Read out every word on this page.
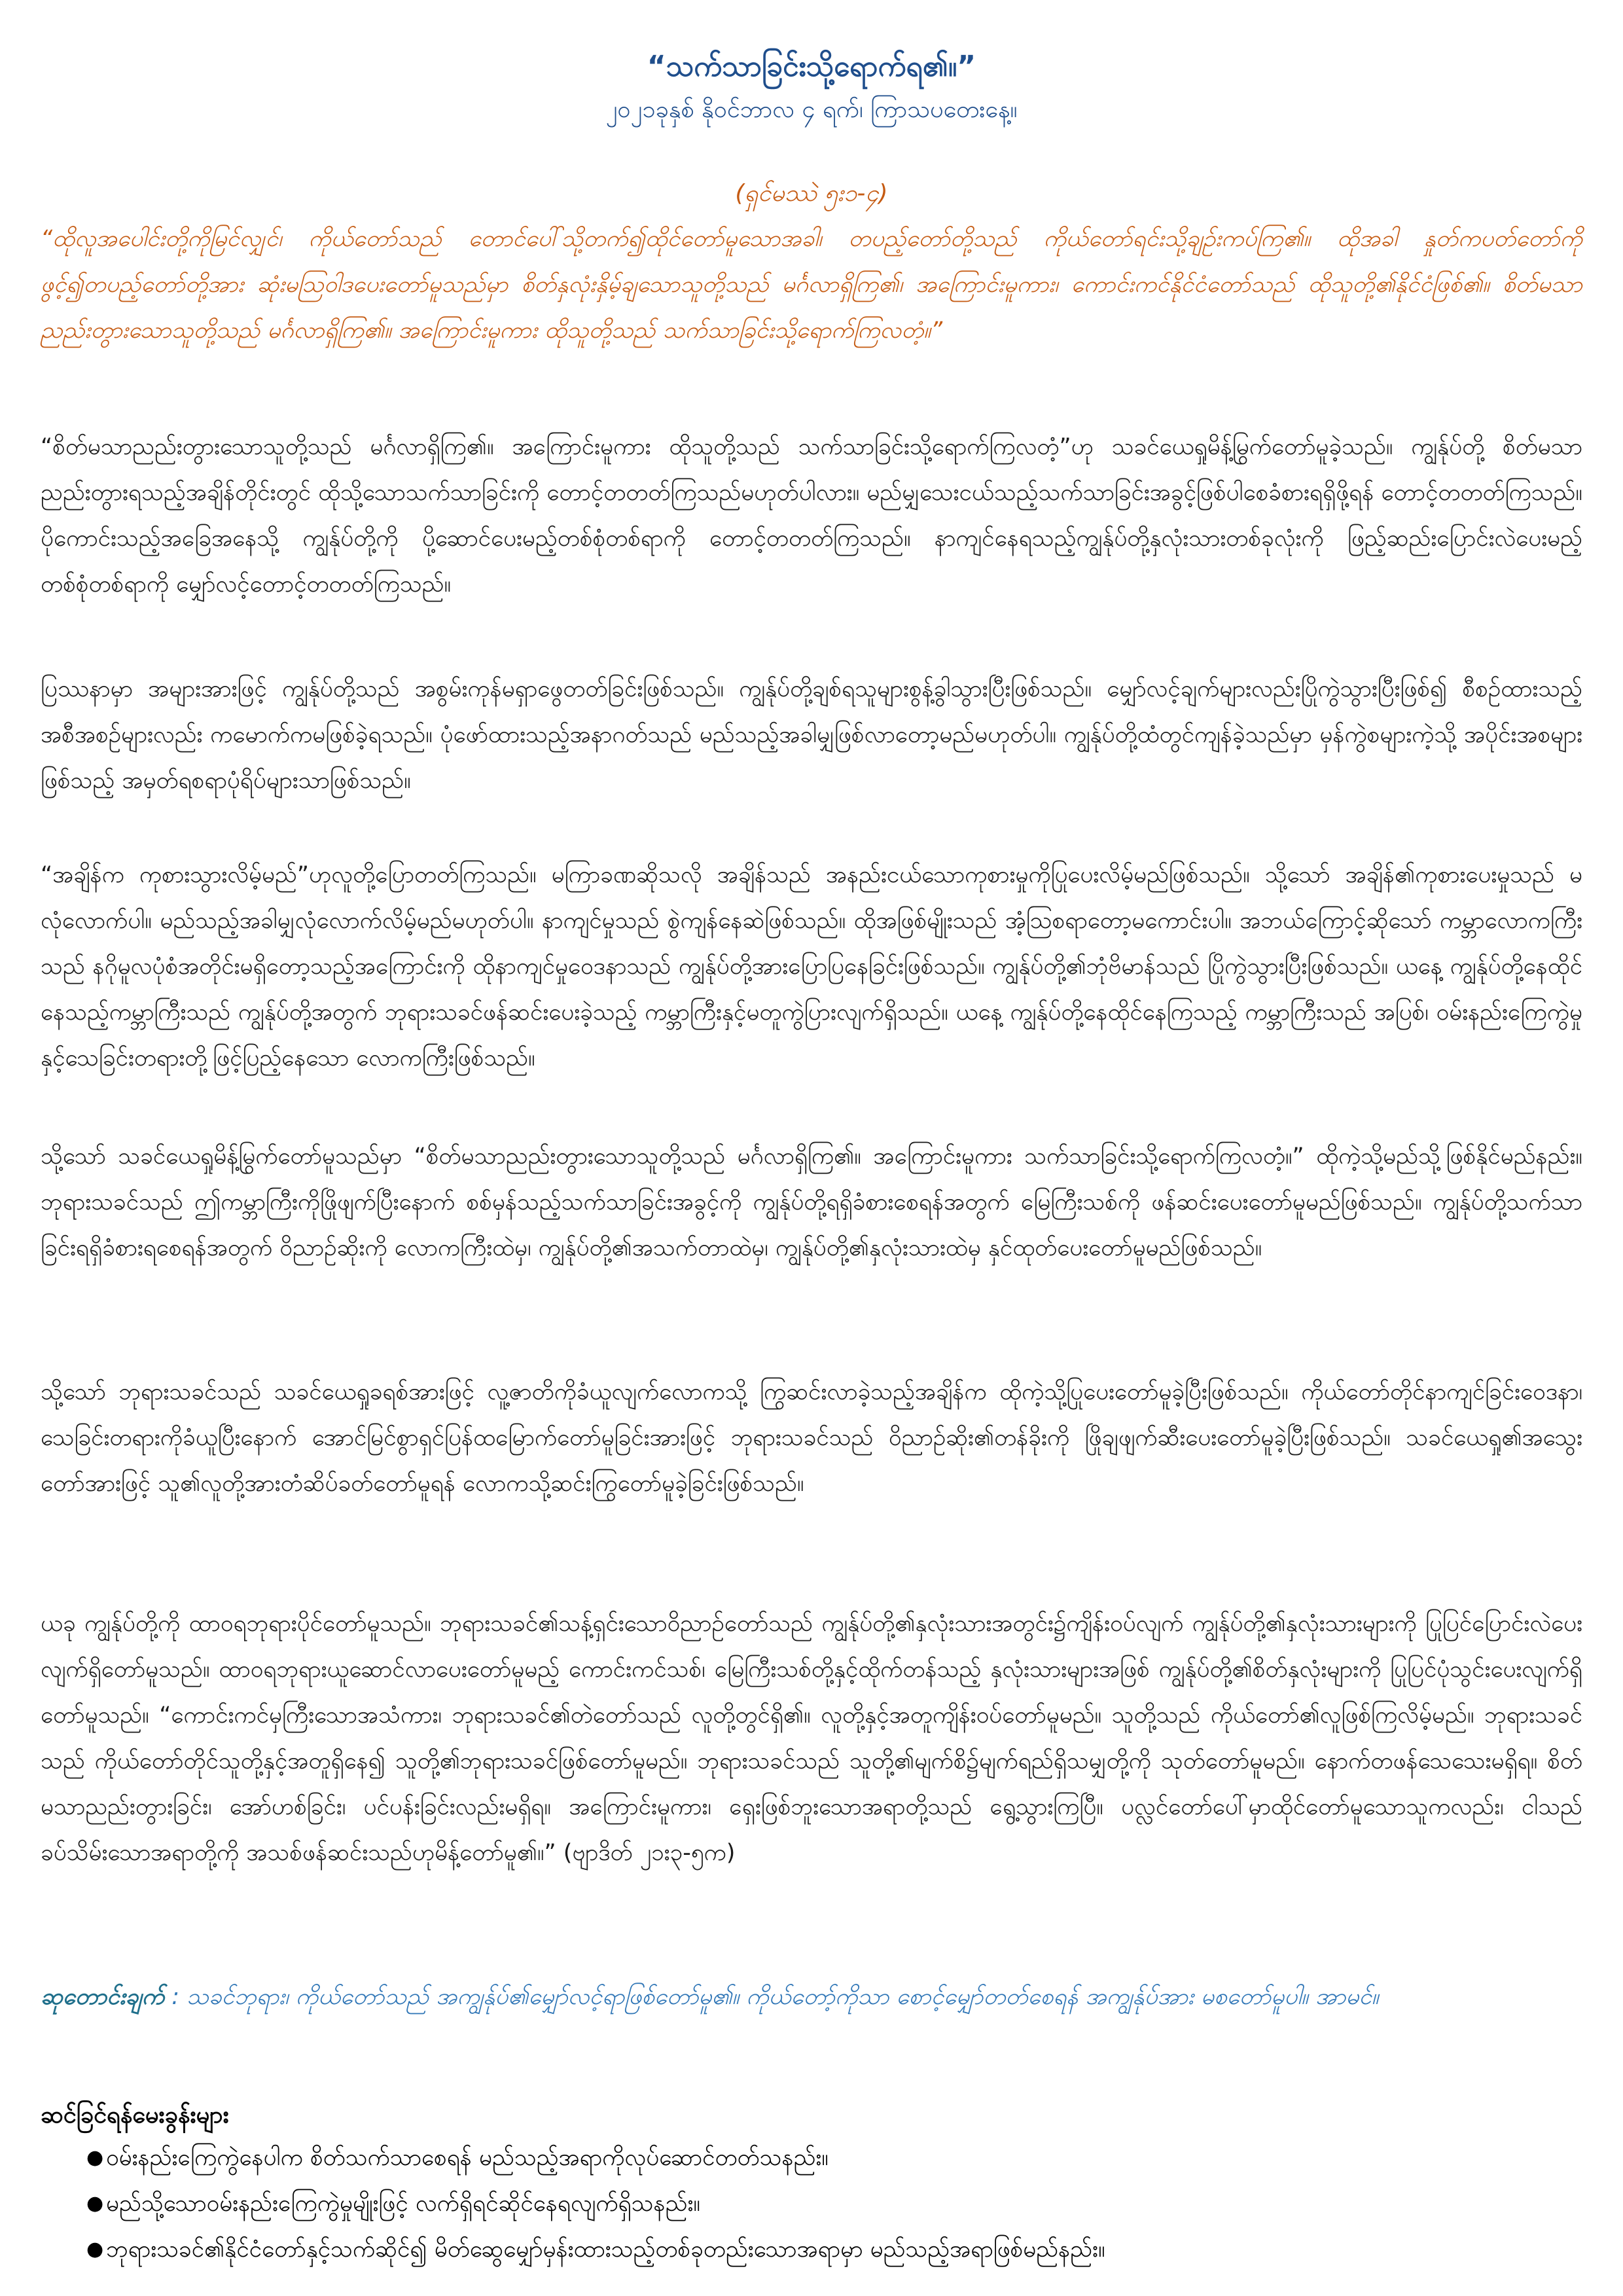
“သက်သာခြင်းသို့ရောက်ရ၏။”
၂၀၂၁ခုနှစ် နိုဝင်ဘာလ ၄ ရက်၊ ကြာသပတေးနေ့။
(ရှင်မဿဲ ၅း၁-၄)
“ထိုလူအပေါင်းတို့ကိုမြင်လျှင်၊ ကိုယ်တော်သည် တောင်ပေါ်သို့တက်၍ထိုင်တော်မူသောအခါ၊ တပည့်တော်တို့သည် ကိုယ်တော်ရင်းသို့ချဉ်းကပ်ကြ၏။ ထိုအခါ နှုတ်ကပတ်တော်ကိုဖွင့်၍တပည့်တော်တို့အား ဆုံးမဩဝါဒပေးတော်မူသည်မှာ စိတ်နှလုံးနှိမ့်ချသောသူတို့သည် မင်္ဂလာရှိကြ၏၊ အကြောင်းမူကား၊ ကောင်းကင်နိုင်ငံတော်သည် ထိုသူတို့၏နိုင်ငံဖြစ်၏။ စိတ်မသာညည်းတွားသောသူတို့သည် မင်္ဂလာရှိကြ၏။ အကြောင်းမူကား ထိုသူတို့သည် သက်သာခြင်းသို့ရောက်ကြလတံ့။”
“စိတ်မသာညည်းတွားသောသူတို့သည် မင်္ဂလာရှိကြ၏။ အကြောင်းမူကား ထိုသူတို့သည် သက်သာခြင်းသို့ရောက်ကြလတံ့”ဟု သခင်ယေရှုမိန့်မြွက်တော်မူခဲ့သည်။ ကျွန်ုပ်တို့ စိတ်မသာညည်းတွားရသည့်အချိန်တိုင်းတွင် ထိုသို့သောသက်သာခြင်းကို တောင့်တတတ်ကြသည်မဟုတ်ပါလား။ မည်မျှသေးငယ်သည့်သက်သာခြင်းအခွင့်ဖြစ်ပါစေခံစားရရှိဖို့ရန် တောင့်တတတ်ကြသည်။ ပိုကောင်းသည့်အခြေအနေသို့ ကျွန်ုပ်တို့ကို ပို့ဆောင်ပေးမည့်တစ်စုံတစ်ရာကို တောင့်တတတ်ကြသည်။ နာကျင်နေရသည့်ကျွန်ုပ်တို့နှလုံးသားတစ်ခုလုံးကို ဖြည့်ဆည်းပြောင်းလဲပေးမည့်တစ်စုံတစ်ရာကို မျှော်လင့်တောင့်တတတ်ကြသည်။
ပြဿနာမှာ အများအားဖြင့် ကျွန်ုပ်တို့သည် အစွမ်းကုန်မရှာဖွေတတ်ခြင်းဖြစ်သည်။ ကျွန်ုပ်တို့ချစ်ရသူများစွန့်ခွါသွားပြီးဖြစ်သည်။ မျှော်လင့်ချက်များလည်းပြိုကွဲသွားပြီးဖြစ်၍ စီစဉ်ထားသည့်အစီအစဉ်များလည်း ကမောက်ကမဖြစ်ခဲ့ရသည်။ ပုံဖော်ထားသည့်အနာဂတ်သည် မည်သည့်အခါမျှဖြစ်လာတော့မည်မဟုတ်ပါ။ ကျွန်ုပ်တို့ထံတွင်ကျန်ခဲ့သည်မှာ မှန်ကွဲစများကဲ့သို့ အပိုင်းအစများဖြစ်သည့် အမှတ်ရစရာပုံရိပ်များသာဖြစ်သည်။
“အချိန်က ကုစားသွားလိမ့်မည်”ဟုလူတို့ပြောတတ်ကြသည်။ မကြာခဏဆိုသလို အချိန်သည် အနည်းငယ်သောကုစားမှုကိုပြုပေးလိမ့်မည်ဖြစ်သည်။ သို့သော် အချိန်၏ကုစားပေးမှုသည် မလုံလောက်ပါ။ မည်သည့်အခါမျှလုံလောက်လိမ့်မည်မဟုတ်ပါ။ နာကျင်မှုသည် စွဲကျန်နေဆဲဖြစ်သည်။ ထိုအဖြစ်မျိုးသည် အံ့ဩစရာတော့မကောင်းပါ။ အဘယ်ကြောင့်ဆိုသော် ကမ္ဘာလောကကြီးသည် နဂိုမူလပုံစံအတိုင်းမရှိတော့သည့်အကြောင်းကို ထိုနာကျင်မှုဝေဒနာသည် ကျွန်ုပ်တို့အားပြောပြနေခြင်းဖြစ်သည်။ ကျွန်ုပ်တို့၏ဘုံဗိမာန်သည် ပြိုကွဲသွားပြီးဖြစ်သည်။ ယနေ့ ကျွန်ုပ်တို့နေထိုင်နေသည့်ကမ္ဘာကြီးသည် ကျွန်ုပ်တို့အတွက် ဘုရားသခင်ဖန်ဆင်းပေးခဲ့သည့် ကမ္ဘာကြီးနှင့်မတူကွဲပြားလျက်ရှိသည်။ ယနေ့ ကျွန်ုပ်တို့နေထိုင်နေကြသည့် ကမ္ဘာကြီးသည် အပြစ်၊ ဝမ်းနည်းကြေကွဲမှုနှင့်သေခြင်းတရားတို့ဖြင့်ပြည့်နေသော လောကကြီးဖြစ်သည်။
သို့သော် သခင်ယေရှုမိန့်မြွက်တော်မူသည်မှာ “စိတ်မသာညည်းတွားသောသူတို့သည် မင်္ဂလာရှိကြ၏။ အကြောင်းမူကား သက်သာခြင်းသို့ရောက်ကြလတံ့။” ထိုကဲ့သို့မည်သို့ဖြစ်နိုင်မည်နည်း။ ဘုရားသခင်သည် ဤကမ္ဘာကြီးကိုဖြိုဖျက်ပြီးနောက် စစ်မှန်သည့်သက်သာခြင်းအခွင့်ကို ကျွန်ုပ်တို့ရရှိခံစားစေရန်အတွက် မြေကြီးသစ်ကို ဖန်ဆင်းပေးတော်မူမည်ဖြစ်သည်။ ကျွန်ုပ်တို့သက်သာခြင်းရရှိခံစားရစေရန်အတွက် ဝိညာဉ်ဆိုးကို လောကကြီးထဲမှ၊ ကျွန်ုပ်တို့၏အသက်တာထဲမှ၊ ကျွန်ုပ်တို့၏နှလုံးသားထဲမှ နှင်ထုတ်ပေးတော်မူမည်ဖြစ်သည်။
သို့သော် ဘုရားသခင်သည် သခင်ယေရှုခရစ်အားဖြင့် လူ့ဇာတိကိုခံယူလျက်လောကသို့ ကြွဆင်းလာခဲ့သည့်အချိန်က ထိုကဲ့သို့ပြုပေးတော်မူခဲ့ပြီးဖြစ်သည်။ ကိုယ်တော်တိုင်နာကျင်ခြင်းဝေဒနာ၊သေခြင်းတရားကိုခံယူပြီးနောက် အောင်မြင်စွာရှင်ပြန်ထမြောက်တော်မူခြင်းအားဖြင့် ဘုရားသခင်သည် ဝိညာဉ်ဆိုး၏တန်ခိုးကို ဖြိုချဖျက်ဆီးပေးတော်မူခဲ့ပြီးဖြစ်သည်။ သခင်ယေရှု၏အသွေးတော်အားဖြင့် သူ၏လူတို့အားတံဆိပ်ခတ်တော်မူရန် လောကသို့ဆင်းကြွတော်မူခဲ့ခြင်းဖြစ်သည်။
ယခု ကျွန်ုပ်တို့ကို ထာဝရဘုရားပိုင်တော်မူသည်။ ဘုရားသခင်၏သန့်ရှင်းသောဝိညာဉ်တော်သည် ကျွန်ုပ်တို့၏နှလုံးသားအတွင်း၌ကျိန်းဝပ်လျက် ကျွန်ုပ်တို့၏နှလုံးသားများကို ပြုပြင်ပြောင်းလဲပေးလျက်ရှိတော်မူသည်။ ထာဝရဘုရားယူဆောင်လာပေးတော်မူမည့် ကောင်းကင်သစ်၊ မြေကြီးသစ်တို့နှင့်ထိုက်တန်သည့် နှလုံးသားများအဖြစ် ကျွန်ုပ်တို့၏စိတ်နှလုံးများကို ပြုပြင်ပုံသွင်းပေးလျက်ရှိတော်မူသည်။ “ကောင်းကင်မှကြီးသောအသံကား၊ ဘုရားသခင်၏တဲတော်သည် လူတို့တွင်ရှိ၏။ လူတို့နှင့်အတူကျိန်းဝပ်တော်မူမည်။ သူတို့သည် ကိုယ်တော်၏လူဖြစ်ကြလိမ့်မည်။ ဘုရားသခင်သည် ကိုယ်တော်တိုင်သူတို့နှင့်အတူရှိနေ၍ သူတို့၏ဘုရားသခင်ဖြစ်တော်မူမည်။ ဘုရားသခင်သည် သူတို့၏မျက်စိ၌မျက်ရည်ရှိသမျှတို့ကို သုတ်တော်မူမည်။ နောက်တဖန်သေသေးမရှိရ။ စိတ်မသာညည်းတွားခြင်း၊ အော်ဟစ်ခြင်း၊ ပင်ပန်းခြင်းလည်းမရှိရ။ အကြောင်းမူကား၊ ရှေးဖြစ်ဘူးသောအရာတို့သည် ရွေ့သွားကြပြီ။ ပလ္လင်တော်ပေါ်မှာထိုင်တော်မူသောသူကလည်း၊ ငါသည်ခပ်သိမ်းသောအရာတို့ကို အသစ်ဖန်ဆင်းသည်ဟုမိန့်တော်မူ၏။” (ဗျာဒိတ် ၂၁း၃-၅က)
ဆုတောင်းချက် : သခင်ဘုရား၊ ကိုယ်တော်သည် အကျွန်ုပ်၏မျှော်လင့်ရာဖြစ်တော်မူ၏။ ကိုယ်တော့်ကိုသာ စောင့်မျှော်တတ်စေရန် အကျွန်ုပ်အား မစတော်မူပါ။ အာမင်။
ဆင်ခြင်ရန်မေးခွန်းများ
● ဝမ်းနည်းကြေကွဲနေပါက စိတ်သက်သာစေရန် မည်သည့်အရာကိုလုပ်ဆောင်တတ်သနည်း။
● မည်သို့သောဝမ်းနည်းကြေကွဲမှုမျိုးဖြင့် လက်ရှိရင်ဆိုင်နေရလျက်ရှိသနည်း။
● ဘုရားသခင်၏နိုင်ငံတော်နှင့်သက်ဆိုင်၍ မိတ်ဆွေမျှော်မှန်းထားသည့်တစ်ခုတည်းသောအရာမှာ မည်သည့်အရာဖြစ်မည်နည်း။
